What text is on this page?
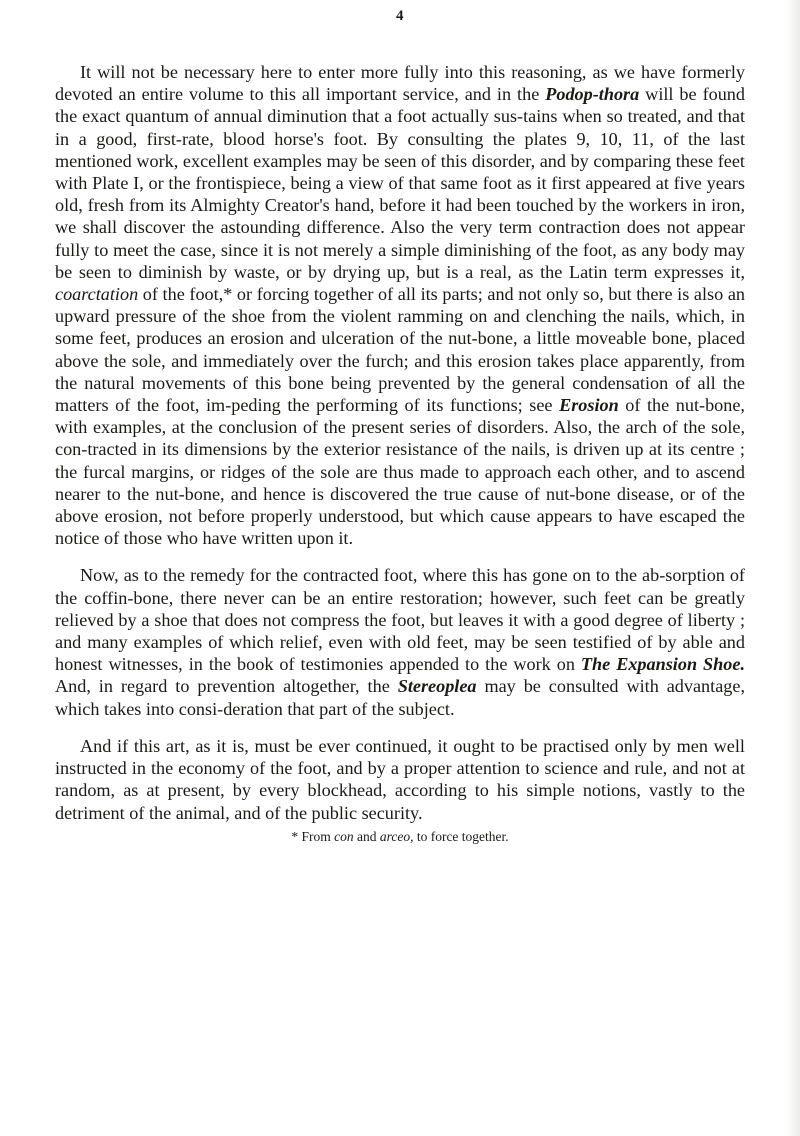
4

It will not be necessary here to enter more fully into this reasoning, as we have formerly devoted an entire volume to this all important service, and in the Podop-thora will be found the exact quantum of annual diminution that a foot actually sus-tains when so treated, and that in a good, first-rate, blood horse's foot. By consulting the plates 9, 10, 11, of the last mentioned work, excellent examples may be seen of this disorder, and by comparing these feet with Plate I, or the frontispiece, being a view of that same foot as it first appeared at five years old, fresh from its Almighty Creator's hand, before it had been touched by the workers in iron, we shall discover the astounding difference. Also the very term contraction does not appear fully to meet the case, since it is not merely a simple diminishing of the foot, as any body may be seen to diminish by waste, or by drying up, but is a real, as the Latin term expresses it, coarctation of the foot,* or forcing together of all its parts; and not only so, but there is also an upward pressure of the shoe from the violent ramming on and clenching the nails, which, in some feet, produces an erosion and ulceration of the nut-bone, a little moveable bone, placed above the sole, and immediately over the furch; and this erosion takes place apparently, from the natural movements of this bone being prevented by the general condensation of all the matters of the foot, im-peding the performing of its functions; see Erosion of the nut-bone, with examples, at the conclusion of the present series of disorders. Also, the arch of the sole, con-tracted in its dimensions by the exterior resistance of the nails, is driven up at its centre ; the furcal margins, or ridges of the sole are thus made to approach each other, and to ascend nearer to the nut-bone, and hence is discovered the true cause of nut-bone disease, or of the above erosion, not before properly understood, but which cause appears to have escaped the notice of those who have written upon it.

Now, as to the remedy for the contracted foot, where this has gone on to the ab-sorption of the coffin-bone, there never can be an entire restoration; however, such feet can be greatly relieved by a shoe that does not compress the foot, but leaves it with a good degree of liberty ; and many examples of which relief, even with old feet, may be seen testified of by able and honest witnesses, in the book of testimonies appended to the work on The Expansion Shoe. And, in regard to prevention altogether, the Stereoplea may be consulted with advantage, which takes into consi-deration that part of the subject.

And if this art, as it is, must be ever continued, it ought to be practised only by men well instructed in the economy of the foot, and by a proper attention to science and rule, and not at random, as at present, by every blockhead, according to his simple notions, vastly to the detriment of the animal, and of the public security.

* From con and arceo, to force together.
